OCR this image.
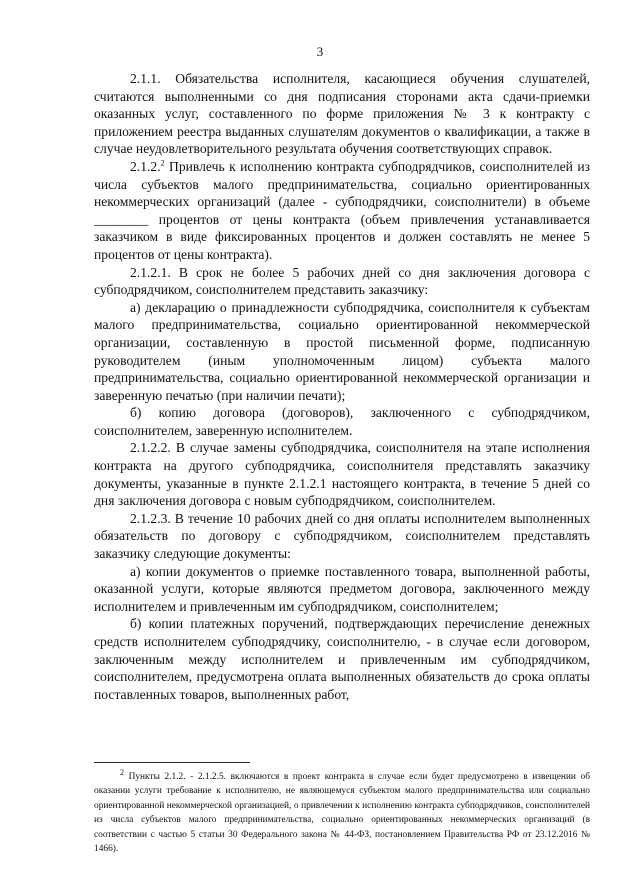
3

2.1.1. Обязательства исполнителя, касающиеся обучения слушателей, считаются выполненными со дня подписания сторонами акта сдачи-приемки оказанных услуг, составленного по форме приложения № 3 к контракту с приложением реестра выданных слушателям документов о квалификации, а также в случае неудовлетворительного результата обучения соответствующих справок.

2.1.2.$^2$ Привлечь к исполнению контракта субподрядчиков, соисполнителей из числа субъектов малого предпринимательства, социально ориентированных некоммерческих организаций (далее - субподрядчики, соисполнители) в объеме ________ процентов от цены контракта (объем привлечения устанавливается заказчиком в виде фиксированных процентов и должен составлять не менее 5 процентов от цены контракта).

2.1.2.1. В срок не более 5 рабочих дней со дня заключения договора с субподрядчиком, соисполнителем представить заказчику:

а) декларацию о принадлежности субподрядчика, соисполнителя к субъектам малого предпринимательства, социально ориентированной некоммерческой организации, составленную в простой письменной форме, подписанную руководителем (иным уполномоченным лицом) субъекта малого предпринимательства, социально ориентированной некоммерческой организации и заверенную печатью (при наличии печати);

б) копию договора (договоров), заключенного с субподрядчиком, соисполнителем, заверенную исполнителем.

2.1.2.2. В случае замены субподрядчика, соисполнителя на этапе исполнения контракта на другого субподрядчика, соисполнителя представлять заказчику документы, указанные в пункте 2.1.2.1 настоящего контракта, в течение 5 дней со дня заключения договора с новым субподрядчиком, соисполнителем.

2.1.2.3. В течение 10 рабочих дней со дня оплаты исполнителем выполненных обязательств по договору с субподрядчиком, соисполнителем представлять заказчику следующие документы:

а) копии документов о приемке поставленного товара, выполненной работы, оказанной услуги, которые являются предметом договора, заключенного между исполнителем и привлеченным им субподрядчиком, соисполнителем;

б) копии платежных поручений, подтверждающих перечисление денежных средств исполнителем субподрядчику, соисполнителю, - в случае если договором, заключенным между исполнителем и привлеченным им субподрядчиком, соисполнителем, предусмотрена оплата выполненных обязательств до срока оплаты поставленных товаров, выполненных работ,

$^2$ Пункты 2.1.2. - 2.1.2.5. включаются в проект контракта в случае если будет предусмотрено в извещении об оказании услуги требование к исполнителю, не являющемуся субъектом малого предпринимательства или социально ориентированной некоммерческой организацией, о привлечении к исполнению контракта субподрядчиков, соисполнителей из числа субъектов малого предпринимательства, социально ориентированных некоммерческих организаций (в соответствии с частью 5 статьи 30 Федерального закона № 44-ФЗ, постановлением Правительства РФ от 23.12.2016 № 1466).
